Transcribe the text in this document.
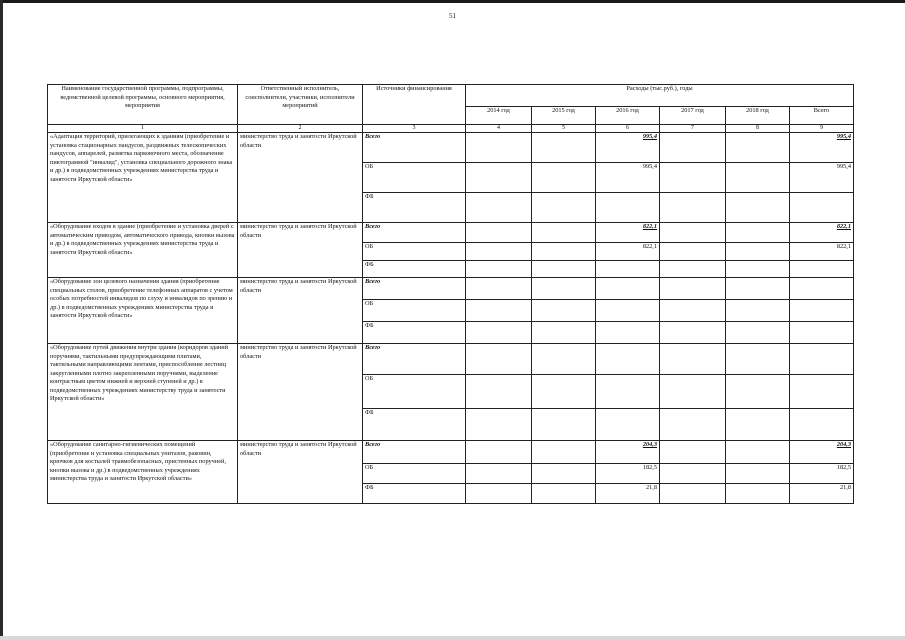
51
Наименование государственной программы, подпрограммы, ведомственной целевой программы, основного мероприятия, мероприятия	Ответственный исполнитель, соисполнители, участники, исполнители мероприятий	Источники финансирования	Расходы (тыс.руб.), годы					
			2014 год	2015 год	2016 год	2017 год	2018 год	Всего
1	2	3	4	5	6	7	8	9
«Адаптация территорий, прилегающих к зданиям (приобретение и установка стационарных пандусов, раздвижных телескопических пандусов, аппарелей, разметка парковочного места, обозначение пиктограммой "инвалид", установка специального дорожного знака и др.) в подведомственных учреждениях министерства труда и занятости Иркутской области»	министерство труда и занятости Иркутской области	Всего			995,4			995,4
		ОБ			995,4			995,4
		ФБ						
«Оборудование входов в здание (приобретение и установка дверей с автоматическим приводом, автоматического привода, кнопки вызова и др.) в подведомственных учреждениях министерства труда и занятости Иркутской области»	министерство труда и занятости Иркутской области	Всего			822,1			822,1
		ОБ			822,1			822,1
		ФБ						
«Оборудование зон целевого назначения здания (приобретение специальных столов, приобретение телефонных аппаратов с учетом особых потребностей инвалидов по слуху и инвалидов по зрению и др.) в подведомственных учреждениях министерства труда и занятости Иркутской области»	министерство труда и занятости Иркутской области	Всего						
		ОБ						
		ФБ						
«Оборудование путей движения внутри здания (коридоров зданий поручнями, тактильными предупреждающими плитами, тактильными направляющими лентами, приспособление лестниц закругленными плотно закрепленными поручнями, выделение контрастным цветом нижней и верхней ступеней и др.) в подведомственных учреждениях министерству труда и занятости Иркутской области»	министерство труда и занятости Иркутской области	Всего						
		ОБ						
		ФБ						
«Оборудование санитарно-гигиенических помещений (приобретение и установка специальных унитазов, раковин, крючков для костылей травмобезопасных, пристенных поручней, кнопки вызова и др.) в подведомственных учреждениях министерства труда и занятости Иркутской области»	министерство труда и занятости Иркутской области	Всего			204,3			204,3
		ОБ			182,5			182,5
		ФБ			21,8			21,8
